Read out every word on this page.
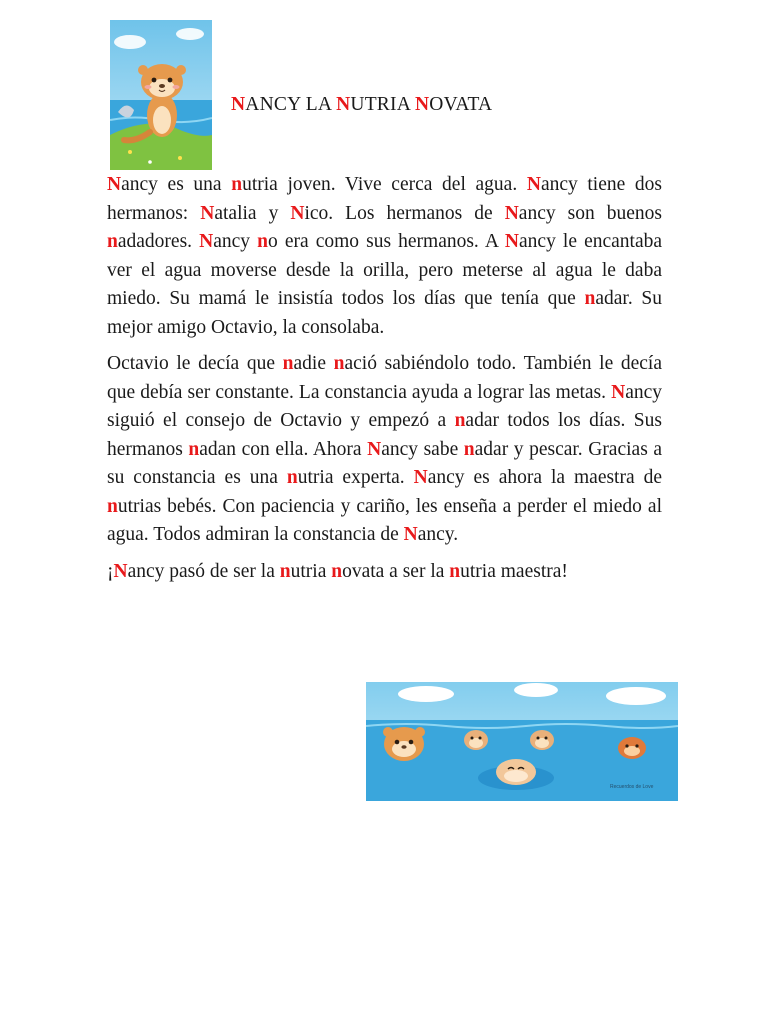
NANCY LA NUTRIA NOVATA

Nancy es una nutria joven. Vive cerca del agua. Nancy tiene dos hermanos: Natalia y Nico. Los hermanos de Nancy son buenos nadadores. Nancy no era como sus hermanos. A Nancy le encantaba ver el agua moverse desde la orilla, pero meterse al agua le daba miedo. Su mamá le insistía todos los días que tenía que nadar. Su mejor amigo Octavio, la consolaba.

Octavio le decía que nadie nació sabiéndolo todo. También le decía que debía ser constante. La constancia ayuda a lograr las metas. Nancy siguió el consejo de Octavio y empezó a nadar todos los días. Sus hermanos nadan con ella. Ahora Nancy sabe nadar y pescar. Gracias a su constancia es una nutria experta. Nancy es ahora la maestra de nutrias bebés. Con paciencia y cariño, les enseña a perder el miedo al agua. Todos admiran la constancia de Nancy.

¡Nancy pasó de ser la nutria novata a ser la nutria maestra!

Recuerdos de Love
